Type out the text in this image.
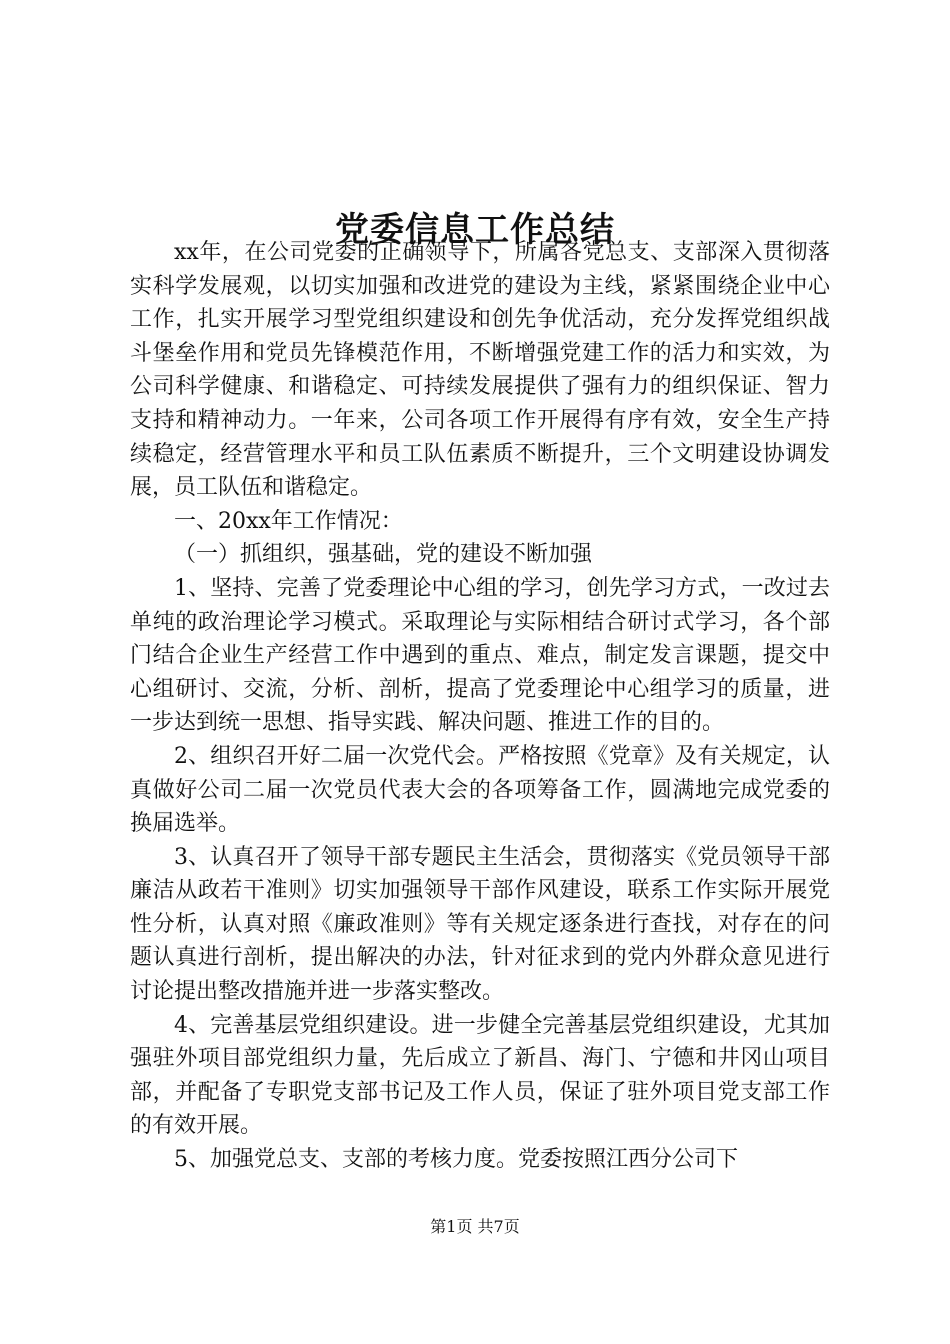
党委信息工作总结

xx年，在公司党委的正确领导下，所属各党总支、支部深入贯彻落实科学发展观，以切实加强和改进党的建设为主线，紧紧围绕企业中心工作，扎实开展学习型党组织建设和创先争优活动，充分发挥党组织战斗堡垒作用和党员先锋模范作用，不断增强党建工作的活力和实效，为公司科学健康、和谐稳定、可持续发展提供了强有力的组织保证、智力支持和精神动力。一年来，公司各项工作开展得有序有效，安全生产持续稳定，经营管理水平和员工队伍素质不断提升，三个文明建设协调发展，员工队伍和谐稳定。

一、20xx年工作情况：

（一）抓组织，强基础，党的建设不断加强

1、坚持、完善了党委理论中心组的学习，创先学习方式，一改过去单纯的政治理论学习模式。采取理论与实际相结合研讨式学习，各个部门结合企业生产经营工作中遇到的重点、难点，制定发言课题，提交中心组研讨、交流，分析、剖析，提高了党委理论中心组学习的质量，进一步达到统一思想、指导实践、解决问题、推进工作的目的。

2、组织召开好二届一次党代会。严格按照《党章》及有关规定，认真做好公司二届一次党员代表大会的各项筹备工作，圆满地完成党委的换届选举。

3、认真召开了领导干部专题民主生活会，贯彻落实《党员领导干部廉洁从政若干准则》切实加强领导干部作风建设，联系工作实际开展党性分析，认真对照《廉政准则》等有关规定逐条进行查找，对存在的问题认真进行剖析，提出解决的办法，针对征求到的党内外群众意见进行讨论提出整改措施并进一步落实整改。

4、完善基层党组织建设。进一步健全完善基层党组织建设，尤其加强驻外项目部党组织力量，先后成立了新昌、海门、宁德和井冈山项目部，并配备了专职党支部书记及工作人员，保证了驻外项目党支部工作的有效开展。

5、加强党总支、支部的考核力度。党委按照江西分公司下

第1页 共7页
